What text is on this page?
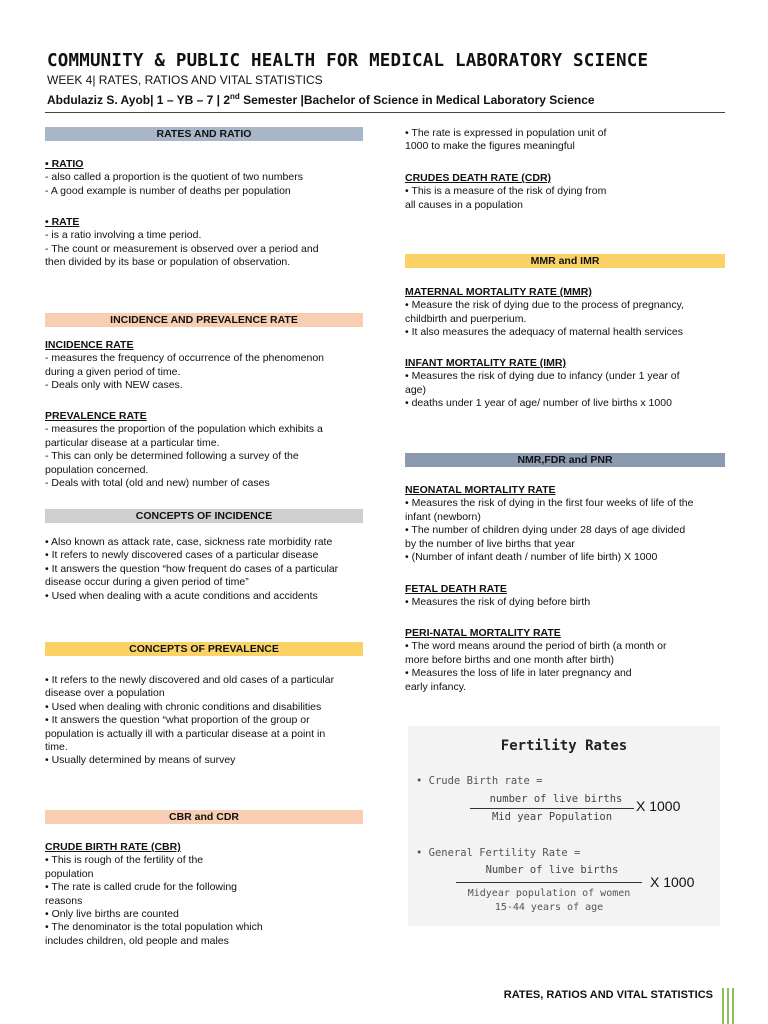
COMMUNITY & PUBLIC HEALTH FOR MEDICAL LABORATORY SCIENCE
WEEK 4| RATES, RATIOS AND VITAL STATISTICS
Abdulaziz S. Ayob| 1 – YB – 7 | 2nd Semester |Bachelor of Science in Medical Laboratory Science
RATES AND RATIO
• RATIO
- also called a proportion is the quotient of two numbers
- A good example is number of deaths per population
• RATE
- is a ratio involving a time period.
- The count or measurement is observed over a period and
then divided by its base or population of observation.
INCIDENCE AND PREVALENCE RATE
INCIDENCE RATE
- measures the frequency of occurrence of the phenomenon
during a given period of time.
- Deals only with NEW cases.
PREVALENCE RATE
- measures the proportion of the population which exhibits a
particular disease at a particular time.
- This can only be determined following a survey of the
population concerned.
- Deals with total (old and new) number of cases
CONCEPTS OF INCIDENCE
• Also known as attack rate, case, sickness rate morbidity rate
• It refers to newly discovered cases of a particular disease
• It answers the question “how frequent do cases of a particular
disease occur during a given period of time”
• Used when dealing with a acute conditions and accidents
CONCEPTS OF PREVALENCE
• It refers to the newly discovered and old cases of a particular
disease over a population
• Used when dealing with chronic conditions and disabilities
• It answers the question “what proportion of the group or
population is actually ill with a particular disease at a point in
time.
• Usually determined by means of survey
CBR and CDR
CRUDE BIRTH RATE (CBR)
• This is rough of the fertility of the
population
• The rate is called crude for the following
reasons
• Only live births are counted
• The denominator is the total population which
includes children, old people and males
• The rate is expressed in population unit of
1000 to make the figures meaningful
CRUDES DEATH RATE (CDR)
• This is a measure of the risk of dying from
all causes in a population
MMR and IMR
MATERNAL MORTALITY RATE (MMR)
• Measure the risk of dying due to the process of pregnancy,
childbirth and puerperium.
• It also measures the adequacy of maternal health services
INFANT MORTALITY RATE (IMR)
• Measures the risk of dying due to infancy (under 1 year of
age)
• deaths under 1 year of age/ number of live births x 1000
NMR,FDR and PNR
NEONATAL MORTALITY RATE
• Measures the risk of dying in the first four weeks of life of the
infant (newborn)
• The number of children dying under 28 days of age divided
by the number of live births that year
• (Number of infant death / number of life birth) X 1000
FETAL DEATH RATE
• Measures the risk of dying before birth
PERI-NATAL MORTALITY RATE
• The word means around the period of birth (a month or
more before births and one month after birth)
• Measures the loss of life in later pregnancy and
early infancy.
Fertility Rates
• Crude Birth rate =
number of live births
Mid year Population
X 1000
• General Fertility Rate =
Number of live births
Midyear population of women
15-44 years of age
X 1000
RATES, RATIOS AND VITAL STATISTICS
